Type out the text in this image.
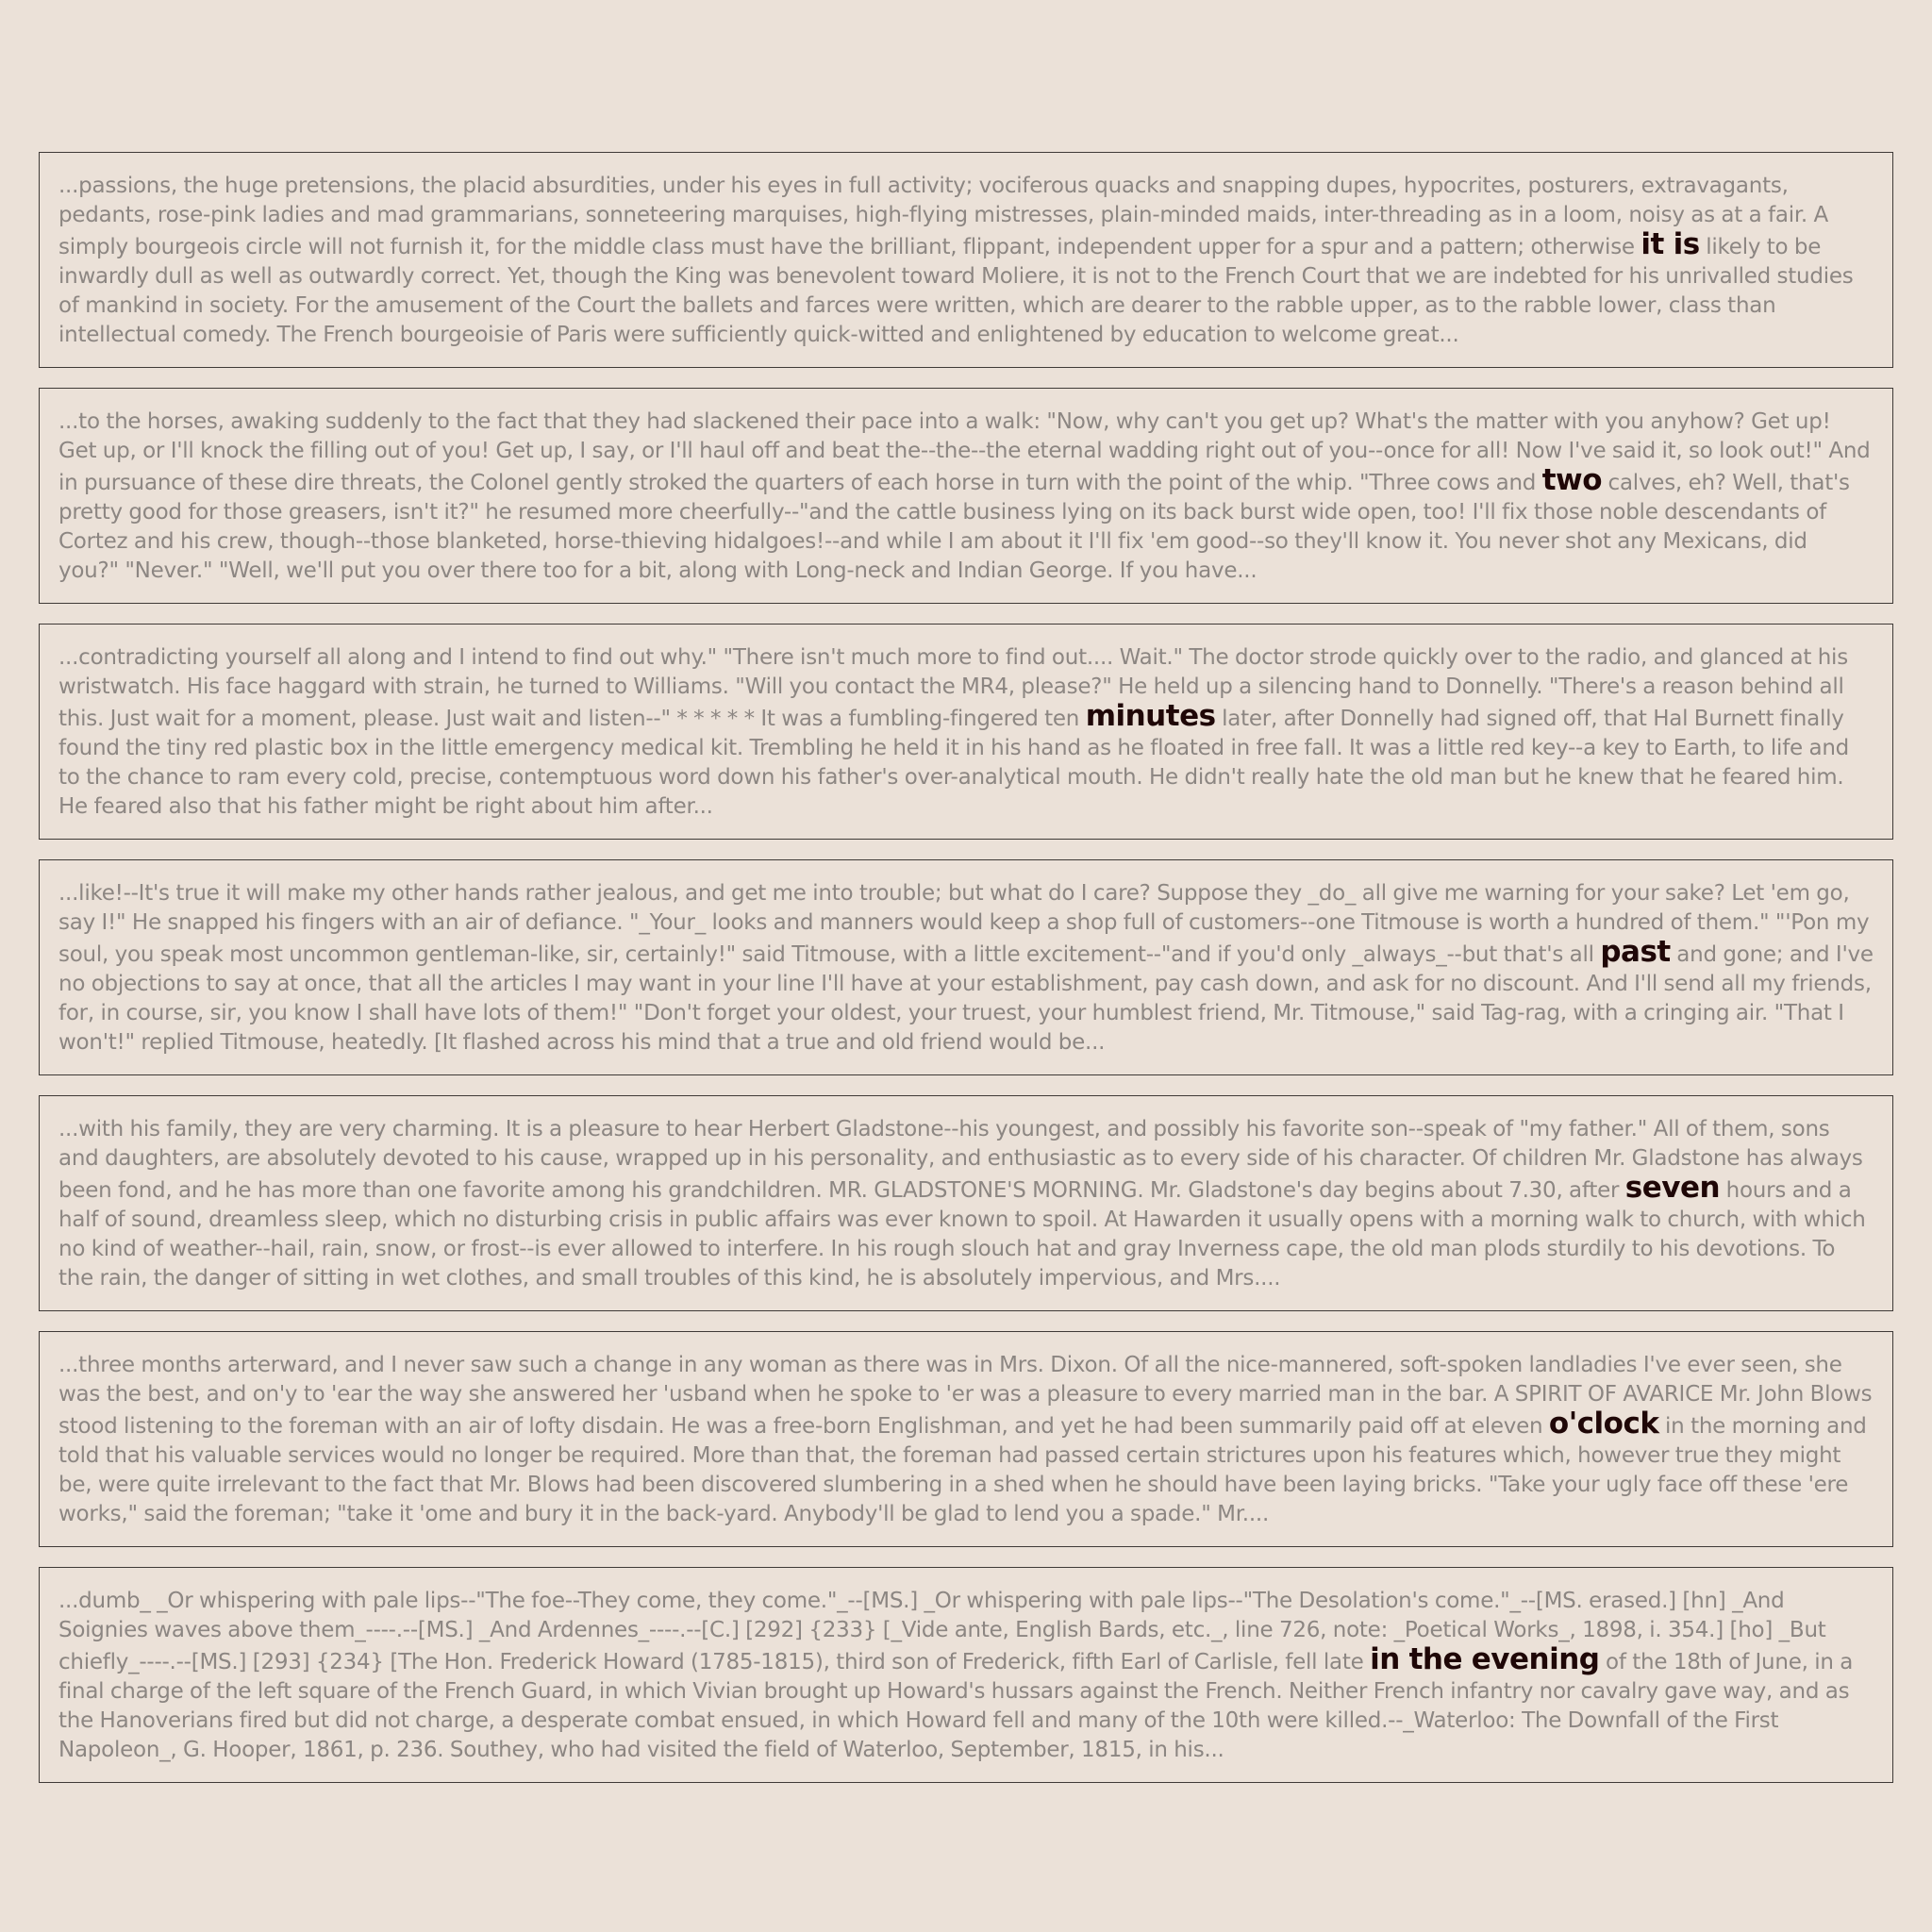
...passions, the huge pretensions, the placid absurdities, under his eyes in full activity; vociferous quacks and snapping dupes, hypocrites, posturers, extravagants, pedants, rose-pink ladies and mad grammarians, sonneteering marquises, high-flying mistresses, plain-minded maids, inter-threading as in a loom, noisy as at a fair. A simply bourgeois circle will not furnish it, for the middle class must have the brilliant, flippant, independent upper for a spur and a pattern; otherwise it is likely to be inwardly dull as well as outwardly correct. Yet, though the King was benevolent toward Moliere, it is not to the French Court that we are indebted for his unrivalled studies of mankind in society. For the amusement of the Court the ballets and farces were written, which are dearer to the rabble upper, as to the rabble lower, class than intellectual comedy. The French bourgeoisie of Paris were sufficiently quick-witted and enlightened by education to welcome great...

...to the horses, awaking suddenly to the fact that they had slackened their pace into a walk: "Now, why can't you get up? What's the matter with you anyhow? Get up! Get up, or I'll knock the filling out of you! Get up, I say, or I'll haul off and beat the--the--the eternal wadding right out of you--once for all! Now I've said it, so look out!" And in pursuance of these dire threats, the Colonel gently stroked the quarters of each horse in turn with the point of the whip. "Three cows and two calves, eh? Well, that's pretty good for those greasers, isn't it?" he resumed more cheerfully--"and the cattle business lying on its back burst wide open, too! I'll fix those noble descendants of Cortez and his crew, though--those blanketed, horse-thieving hidalgoes!--and while I am about it I'll fix 'em good--so they'll know it. You never shot any Mexicans, did you?" "Never." "Well, we'll put you over there too for a bit, along with Long-neck and Indian George. If you have...

...contradicting yourself all along and I intend to find out why." "There isn't much more to find out.... Wait." The doctor strode quickly over to the radio, and glanced at his wristwatch. His face haggard with strain, he turned to Williams. "Will you contact the MR4, please?" He held up a silencing hand to Donnelly. "There's a reason behind all this. Just wait for a moment, please. Just wait and listen--" * * * * * It was a fumbling-fingered ten minutes later, after Donnelly had signed off, that Hal Burnett finally found the tiny red plastic box in the little emergency medical kit. Trembling he held it in his hand as he floated in free fall. It was a little red key--a key to Earth, to life and to the chance to ram every cold, precise, contemptuous word down his father's over-analytical mouth. He didn't really hate the old man but he knew that he feared him. He feared also that his father might be right about him after...

...like!--It's true it will make my other hands rather jealous, and get me into trouble; but what do I care? Suppose they _do_ all give me warning for your sake? Let 'em go, say I!" He snapped his fingers with an air of defiance. "_Your_ looks and manners would keep a shop full of customers--one Titmouse is worth a hundred of them." "'Pon my soul, you speak most uncommon gentleman-like, sir, certainly!" said Titmouse, with a little excitement--"and if you'd only _always_--but that's all past and gone; and I've no objections to say at once, that all the articles I may want in your line I'll have at your establishment, pay cash down, and ask for no discount. And I'll send all my friends, for, in course, sir, you know I shall have lots of them!" "Don't forget your oldest, your truest, your humblest friend, Mr. Titmouse," said Tag-rag, with a cringing air. "That I won't!" replied Titmouse, heatedly. [It flashed across his mind that a true and old friend would be...

...with his family, they are very charming. It is a pleasure to hear Herbert Gladstone--his youngest, and possibly his favorite son--speak of "my father." All of them, sons and daughters, are absolutely devoted to his cause, wrapped up in his personality, and enthusiastic as to every side of his character. Of children Mr. Gladstone has always been fond, and he has more than one favorite among his grandchildren. MR. GLADSTONE'S MORNING. Mr. Gladstone's day begins about 7.30, after seven hours and a half of sound, dreamless sleep, which no disturbing crisis in public affairs was ever known to spoil. At Hawarden it usually opens with a morning walk to church, with which no kind of weather--hail, rain, snow, or frost--is ever allowed to interfere. In his rough slouch hat and gray Inverness cape, the old man plods sturdily to his devotions. To the rain, the danger of sitting in wet clothes, and small troubles of this kind, he is absolutely impervious, and Mrs....

...three months arterward, and I never saw such a change in any woman as there was in Mrs. Dixon. Of all the nice-mannered, soft-spoken landladies I've ever seen, she was the best, and on'y to 'ear the way she answered her 'usband when he spoke to 'er was a pleasure to every married man in the bar. A SPIRIT OF AVARICE Mr. John Blows stood listening to the foreman with an air of lofty disdain. He was a free-born Englishman, and yet he had been summarily paid off at eleven o'clock in the morning and told that his valuable services would no longer be required. More than that, the foreman had passed certain strictures upon his features which, however true they might be, were quite irrelevant to the fact that Mr. Blows had been discovered slumbering in a shed when he should have been laying bricks. "Take your ugly face off these 'ere works," said the foreman; "take it 'ome and bury it in the back-yard. Anybody'll be glad to lend you a spade." Mr....

...dumb_ _Or whispering with pale lips--"The foe--They come, they come."_--[MS.] _Or whispering with pale lips--"The Desolation's come."_--[MS. erased.] [hn] _And Soignies waves above them_----.--[MS.] _And Ardennes_----.--[C.] [292] {233} [_Vide ante, English Bards, etc._, line 726, note: _Poetical Works_, 1898, i. 354.] [ho] _But chiefly_----.--[MS.] [293] {234} [The Hon. Frederick Howard (1785-1815), third son of Frederick, fifth Earl of Carlisle, fell late in the evening of the 18th of June, in a final charge of the left square of the French Guard, in which Vivian brought up Howard's hussars against the French. Neither French infantry nor cavalry gave way, and as the Hanoverians fired but did not charge, a desperate combat ensued, in which Howard fell and many of the 10th were killed.--_Waterloo: The Downfall of the First Napoleon_, G. Hooper, 1861, p. 236. Southey, who had visited the field of Waterloo, September, 1815, in his...
